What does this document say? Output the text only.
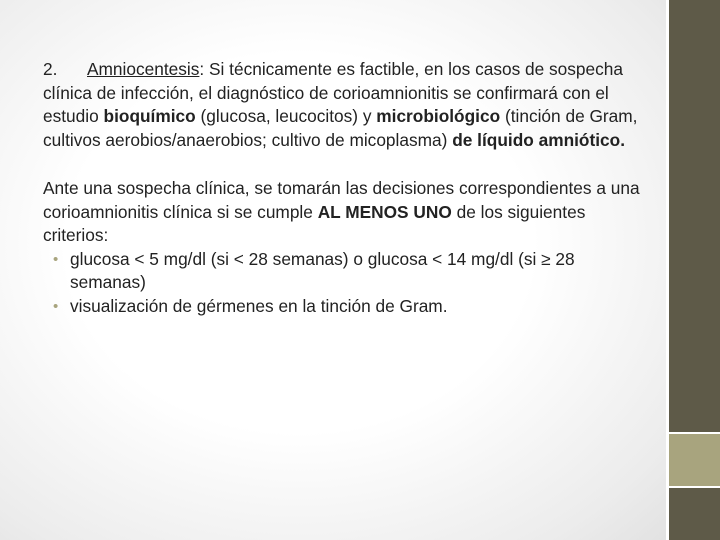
2. Amniocentesis: Si técnicamente es factible, en los casos de sospecha clínica de infección, el diagnóstico de corioamnionitis se confirmará con el estudio bioquímico (glucosa, leucocitos) y microbiológico (tinción de Gram, cultivos aerobios/anaerobios; cultivo de micoplasma) de líquido amniótico.

Ante una sospecha clínica, se tomarán las decisiones correspondientes a una corioamnionitis clínica si se cumple AL MENOS UNO de los siguientes criterios:

• glucosa < 5 mg/dl (si < 28 semanas) o glucosa < 14 mg/dl (si ≥ 28 semanas)
• visualización de gérmenes en la tinción de Gram.
